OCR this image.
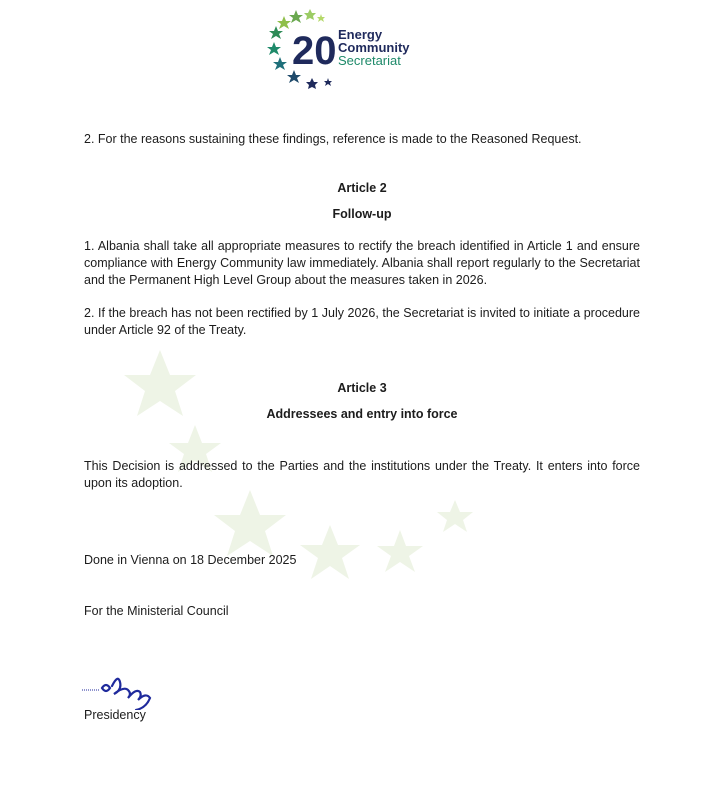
20 Energy
Community
Secretariat
2. For the reasons sustaining these findings, reference is made to the Reasoned Request.
Article 2
Follow-up
1. Albania shall take all appropriate measures to rectify the breach identified in Article 1 and ensure compliance with Energy Community law immediately. Albania shall report regularly to the Secretariat and the Permanent High Level Group about the measures taken in 2026.
2. If the breach has not been rectified by 1 July 2026, the Secretariat is invited to initiate a procedure under Article 92 of the Treaty.
Article 3
Addressees and entry into force
This Decision is addressed to the Parties and the institutions under the Treaty. It enters into force upon its adoption.
Done in Vienna on 18 December 2025
For the Ministerial Council
Presidency
